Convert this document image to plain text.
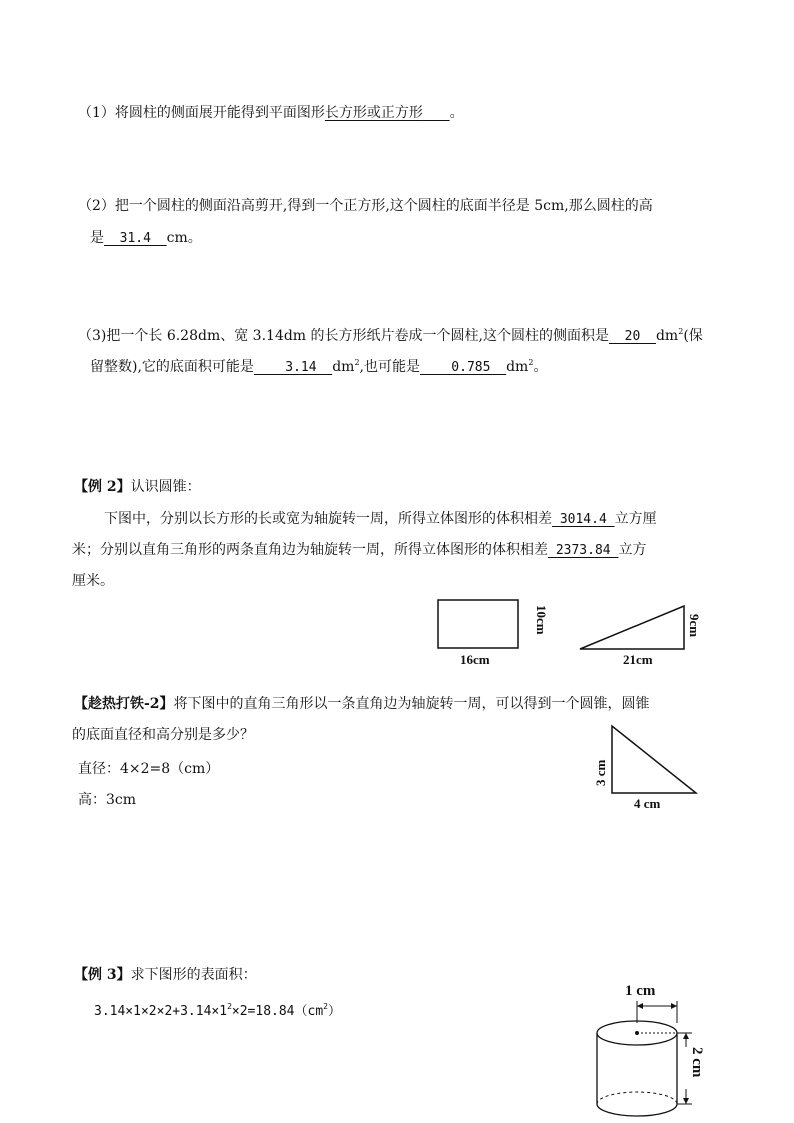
（1）将圆柱的侧面展开能得到平面图形长方形或正方形 。
（2）把一个圆柱的侧面沿高剪开,得到一个正方形,这个圆柱的底面半径是 5cm,那么圆柱的高
是  31.4  cm。
（3)把一个长 6.28dm、宽 3.14dm 的长方形纸片卷成一个圆柱,这个圆柱的侧面积是  20  $dm^2$(保
留整数),它的底面积可能是    3.14  $dm^2$,也可能是    0.785  $dm^2$。
【例 2】认识圆锥：
下图中，分别以长方形的长或宽为轴旋转一周，所得立体图形的体积相差 3014.4 立方厘
米；分别以直角三角形的两条直角边为轴旋转一周，所得立体图形的体积相差 2373.84 立方
厘米。
16cm
10cm
21cm
9cm
【趁热打铁-2】将下图中的直角三角形以一条直角边为轴旋转一周，可以得到一个圆锥，圆锥
的底面直径和高分别是多少？
直径：4×2=8（cm）
高：3cm
3 cm
4 cm
【例 3】求下图形的表面积：
$3.14\times 1\times 2\times 2+3.14\times 1^2\times 2=18.84(cm^2)$
1 cm
2 cm
